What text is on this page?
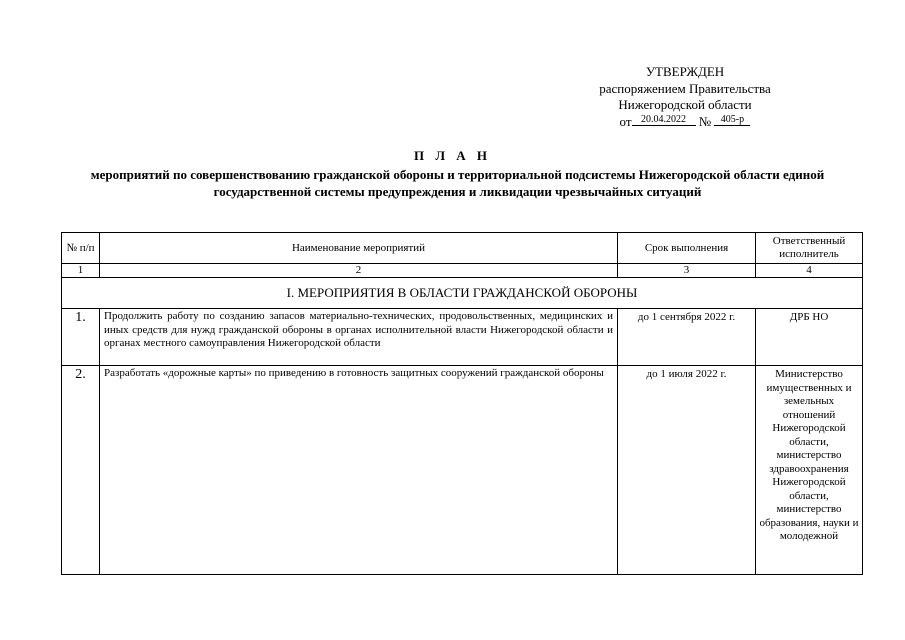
УТВЕРЖДЕН
распоряжением Правительства
Нижегородской области
от 20.04.2022 № 405-р
П Л А Н
мероприятий по совершенствованию гражданской обороны и территориальной подсистемы Нижегородской области единой государственной системы предупреждения и ликвидации чрезвычайных ситуаций
№ п/п	Наименование мероприятий	Срок выполнения	Ответственный исполнитель
1	2	3	4
I. МЕРОПРИЯТИЯ В ОБЛАСТИ ГРАЖДАНСКОЙ ОБОРОНЫ			
1.	Продолжить работу по созданию запасов материально-технических, продовольственных, медицинских и иных средств для нужд гражданской обороны в органах исполнительной власти Нижегородской области и органах местного самоуправления Нижегородской области	до 1 сентября 2022 г.	ДРБ НО
2.	Разработать «дорожные карты» по приведению в готовность защитных сооружений гражданской обороны	до 1 июля 2022 г.	Министерство имущественных и земельных отношений Нижегородской области, министерство здравоохранения Нижегородской области, министерство образования, науки и молодежной
